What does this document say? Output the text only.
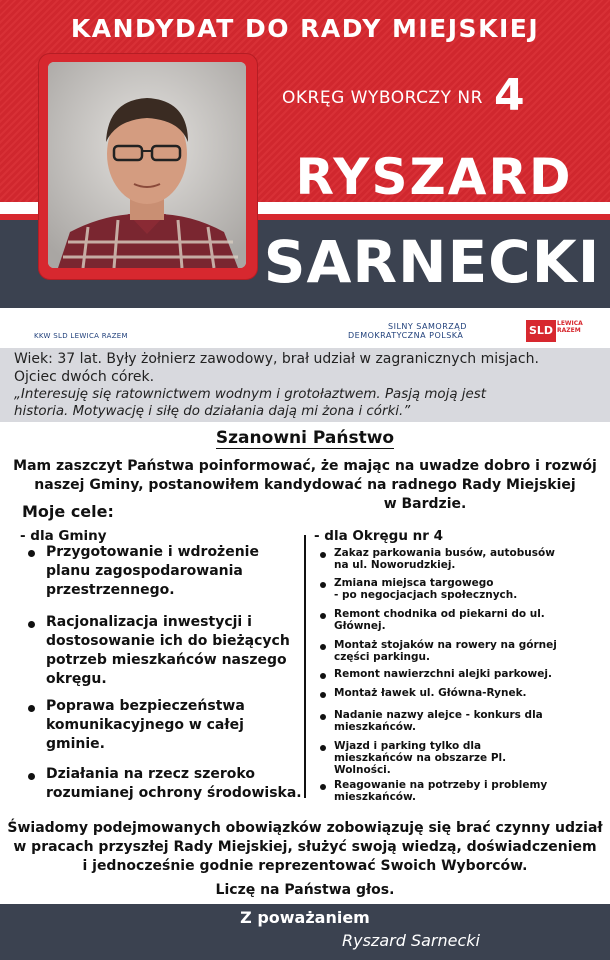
KANDYDAT DO RADY MIEJSKIEJ
OKRĘG WYBORCZY NR 4
RYSZARD
SARNECKI
KKW SLD LEWICA RAZEM
SILNY SAMORZĄD
DEMOKRATYCZNA POLSKA	SLD
LEWICA
RAZEM
Wiek: 37 lat. Były żołnierz zawodowy, brał udział w zagranicznych misjach.
Ojciec dwóch córek.
„Interesuję się ratownictwem wodnym i grotołaztwem. Pasją moją jest
historia. Motywację i siłę do działania dają mi żona i córki.”
Szanowni Państwo
Mam zaszczyt Państwa poinformować, że mając na uwadze dobro i rozwój
naszej Gminy, postanowiłem kandydować na radnego Rady Miejskiej
w Bardzie.
Moje cele:
- dla Gminy
Przygotowanie i wdrożenie
planu zagospodarowania
przestrzennego.
Racjonalizacja inwestycji i
dostosowanie ich do bieżących
potrzeb mieszkańców naszego
okręgu.
Poprawa bezpieczeństwa
komunikacyjnego w całej
gminie.
Działania na rzecz szeroko
rozumianej ochrony środowiska.
- dla Okręgu nr 4
Zakaz parkowania busów, autobusów
na ul. Noworudzkiej.
Zmiana miejsca targowego
- po negocjacjach społecznych.
Remont chodnika od piekarni do ul.
Głównej.
Montaż stojaków na rowery na górnej
części parkingu.
Remont nawierzchni alejki parkowej.
Montaż ławek ul. Główna-Rynek.
Nadanie nazwy alejce - konkurs dla
mieszkańców.
Wjazd i parking tylko dla
mieszkańców na obszarze Pl.
Wolności.
Reagowanie na potrzeby i problemy
mieszkańców.
Świadomy podejmowanych obowiązków zobowiązuję się brać czynny udział
w pracach przyszłej Rady Miejskiej, służyć swoją wiedzą, doświadczeniem
i jednocześnie godnie reprezentować Swoich Wyborców.
Liczę na Państwa głos.
Z poważaniem
Ryszard Sarnecki
